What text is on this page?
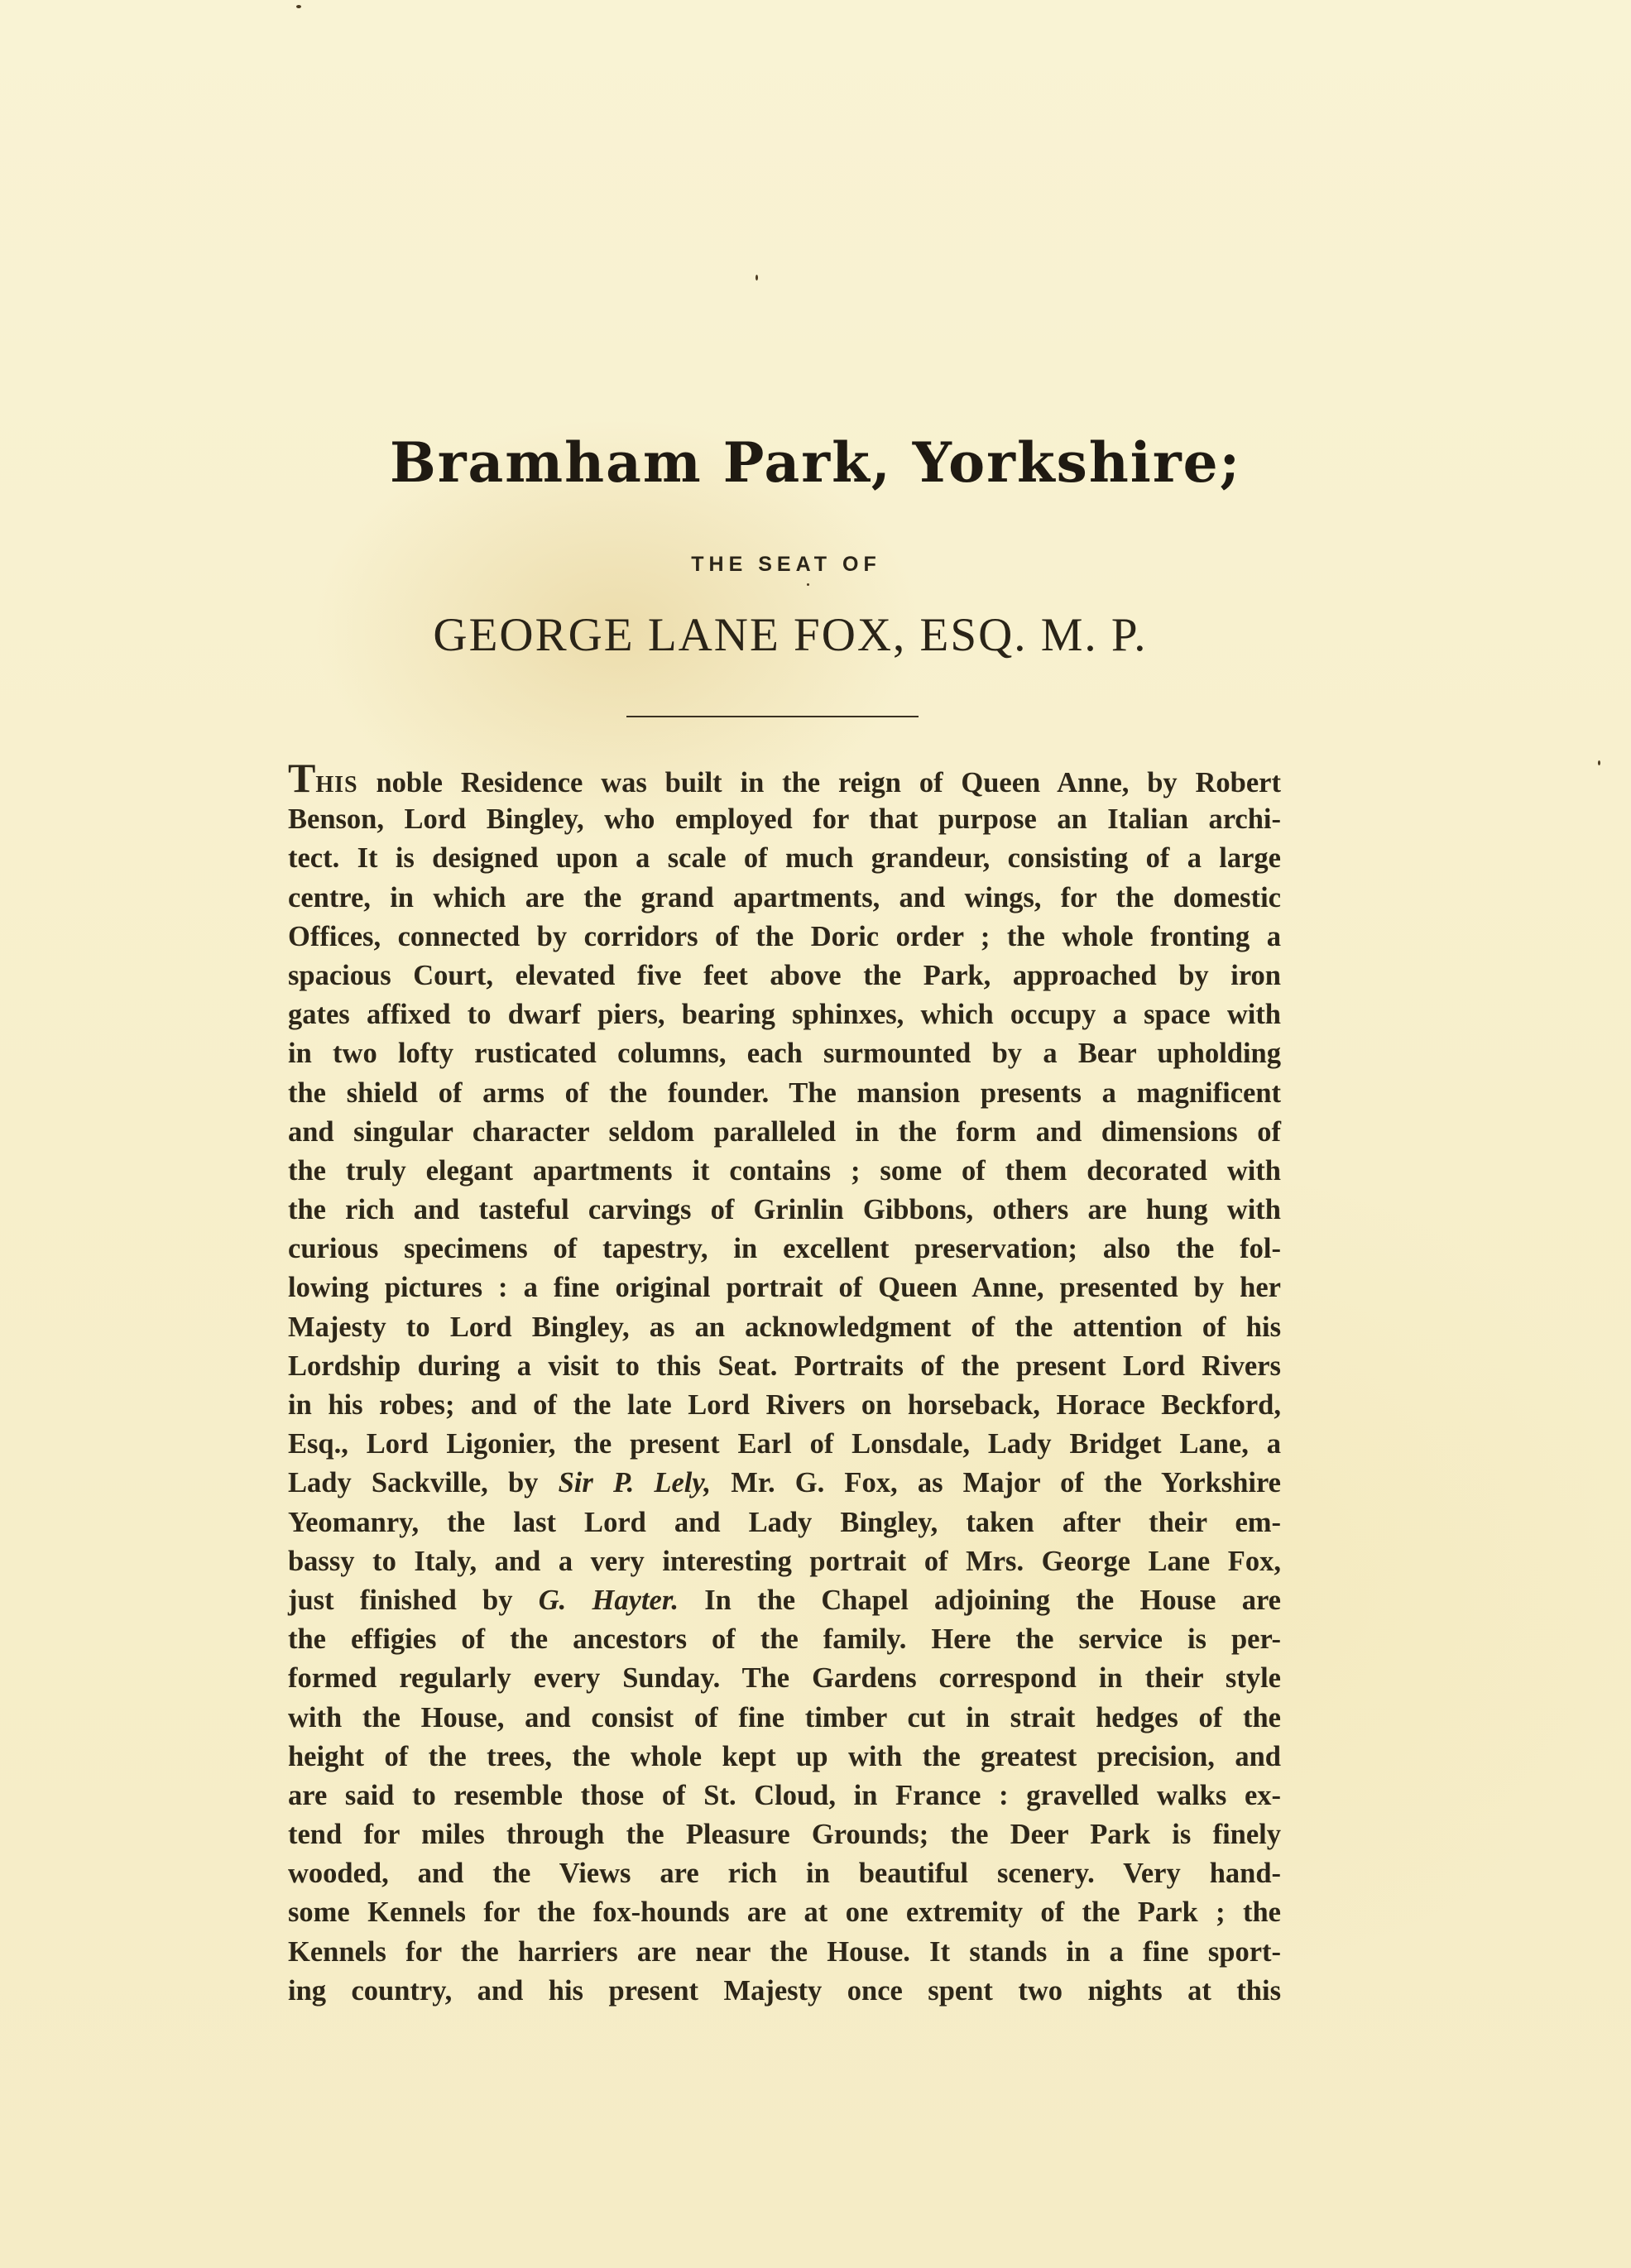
Bramham Park, Yorkshire;
THE SEAT OF
GEORGE LANE FOX, ESQ. M. P.
THIS noble Residence was built in the reign of Queen Anne, by Robert
Benson, Lord Bingley, who employed for that purpose an Italian archi-
tect. It is designed upon a scale of much grandeur, consisting of a large
centre, in which are the grand apartments, and wings, for the domestic
Offices, connected by corridors of the Doric order ; the whole fronting a
spacious Court, elevated five feet above the Park, approached by iron
gates affixed to dwarf piers, bearing sphinxes, which occupy a space with
in two lofty rusticated columns, each surmounted by a Bear upholding
the shield of arms of the founder. The mansion presents a magnificent
and singular character seldom paralleled in the form and dimensions of
the truly elegant apartments it contains ; some of them decorated with
the rich and tasteful carvings of Grinlin Gibbons, others are hung with
curious specimens of tapestry, in excellent preservation; also the fol-
lowing pictures : a fine original portrait of Queen Anne, presented by her
Majesty to Lord Bingley, as an acknowledgment of the attention of his
Lordship during a visit to this Seat. Portraits of the present Lord Rivers
in his robes; and of the late Lord Rivers on horseback, Horace Beckford,
Esq., Lord Ligonier, the present Earl of Lonsdale, Lady Bridget Lane, a
Lady Sackville, by Sir P. Lely, Mr. G. Fox, as Major of the Yorkshire
Yeomanry, the last Lord and Lady Bingley, taken after their em-
bassy to Italy, and a very interesting portrait of Mrs. George Lane Fox,
just finished by G. Hayter. In the Chapel adjoining the House are
the effigies of the ancestors of the family. Here the service is per-
formed regularly every Sunday. The Gardens correspond in their style
with the House, and consist of fine timber cut in strait hedges of the
height of the trees, the whole kept up with the greatest precision, and
are said to resemble those of St. Cloud, in France : gravelled walks ex-
tend for miles through the Pleasure Grounds; the Deer Park is finely
wooded, and the Views are rich in beautiful scenery. Very hand-
some Kennels for the fox-hounds are at one extremity of the Park ; the
Kennels for the harriers are near the House. It stands in a fine sport-
ing country, and his present Majesty once spent two nights at this
